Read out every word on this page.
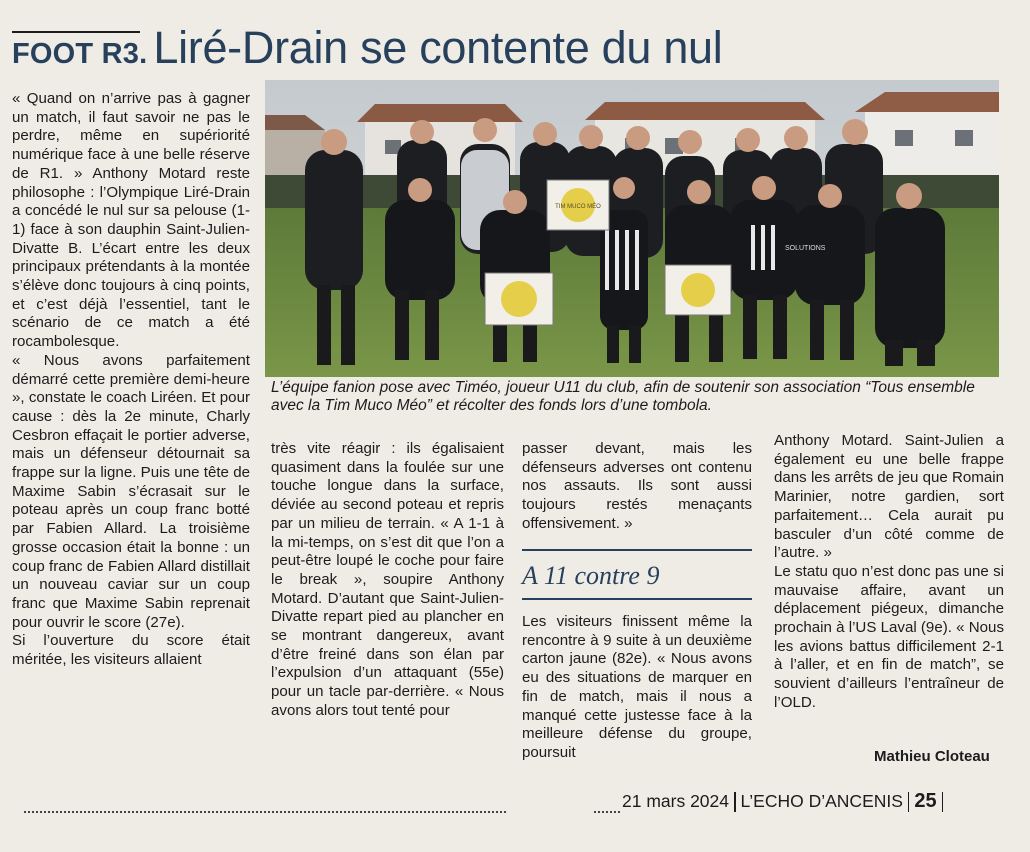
FOOT R3. Liré-Drain se contente du nul

« Quand on n’arrive pas à gagner un match, il faut savoir ne pas le perdre, même en supériorité numérique face à une belle réserve de R1. » Anthony Motard reste philosophe : l’Olympique Liré-Drain a concédé le nul sur sa pelouse (1-1) face à son dauphin Saint-Julien-Divatte B. L’écart entre les deux principaux prétendants à la montée s’élève donc toujours à cinq points, et c’est déjà l’essentiel, tant le scénario de ce match a été rocambolesque.

« Nous avons parfaitement démarré cette première demi-heure », constate le coach Liréen. Et pour cause : dès la 2e minute, Charly Cesbron effaçait le portier adverse, mais un défenseur détournait sa frappe sur la ligne. Puis une tête de Maxime Sabin s’écrasait sur le poteau après un coup franc botté par Fabien Allard. La troisième grosse occasion était la bonne : un coup franc de Fabien Allard distillait un nouveau caviar sur un coup franc que Maxime Sabin reprenait pour ouvrir le score (27e).

Si l’ouverture du score était méritée, les visiteurs allaient

TIM MUCO MÉO
SOLUTIONS
L’équipe fanion pose avec Timéo, joueur U11 du club, afin de soutenir son association “Tous ensemble avec la Tim Muco Méo” et récolter des fonds lors d’une tombola.

très vite réagir : ils égalisaient quasiment dans la foulée sur une touche longue dans la surface, déviée au second poteau et repris par un milieu de terrain. « A 1-1 à la mi-temps, on s’est dit que l’on a peut-être loupé le coche pour faire le break », soupire Anthony Motard. D’autant que Saint-Julien-Divatte repart pied au plancher en se montrant dangereux, avant d’être freiné dans son élan par l’expulsion d’un attaquant (55e) pour un tacle par-derrière. « Nous avons alors tout tenté pour

passer devant, mais les défenseurs adverses ont contenu nos assauts. Ils sont aussi toujours restés menaçants offensivement. »

A 11 contre 9

Les visiteurs finissent même la rencontre à 9 suite à un deuxième carton jaune (82e). « Nous avons eu des situations de marquer en fin de match, mais il nous a manqué cette justesse face à la meilleure défense du groupe, poursuit

Anthony Motard. Saint-Julien a également eu une belle frappe dans les arrêts de jeu que Romain Marinier, notre gardien, sort parfaitement… Cela aurait pu basculer d’un côté comme de l’autre. »

Le statu quo n’est donc pas une si mauvaise affaire, avant un déplacement piégeux, dimanche prochain à l’US Laval (9e). « Nous les avions battus difficilement 2-1 à l’aller, et en fin de match”, se souvient d’ailleurs l’entraîneur de l’OLD.

Mathieu Cloteau
21 mars 2024 L’ECHO D’ANCENIS 25
